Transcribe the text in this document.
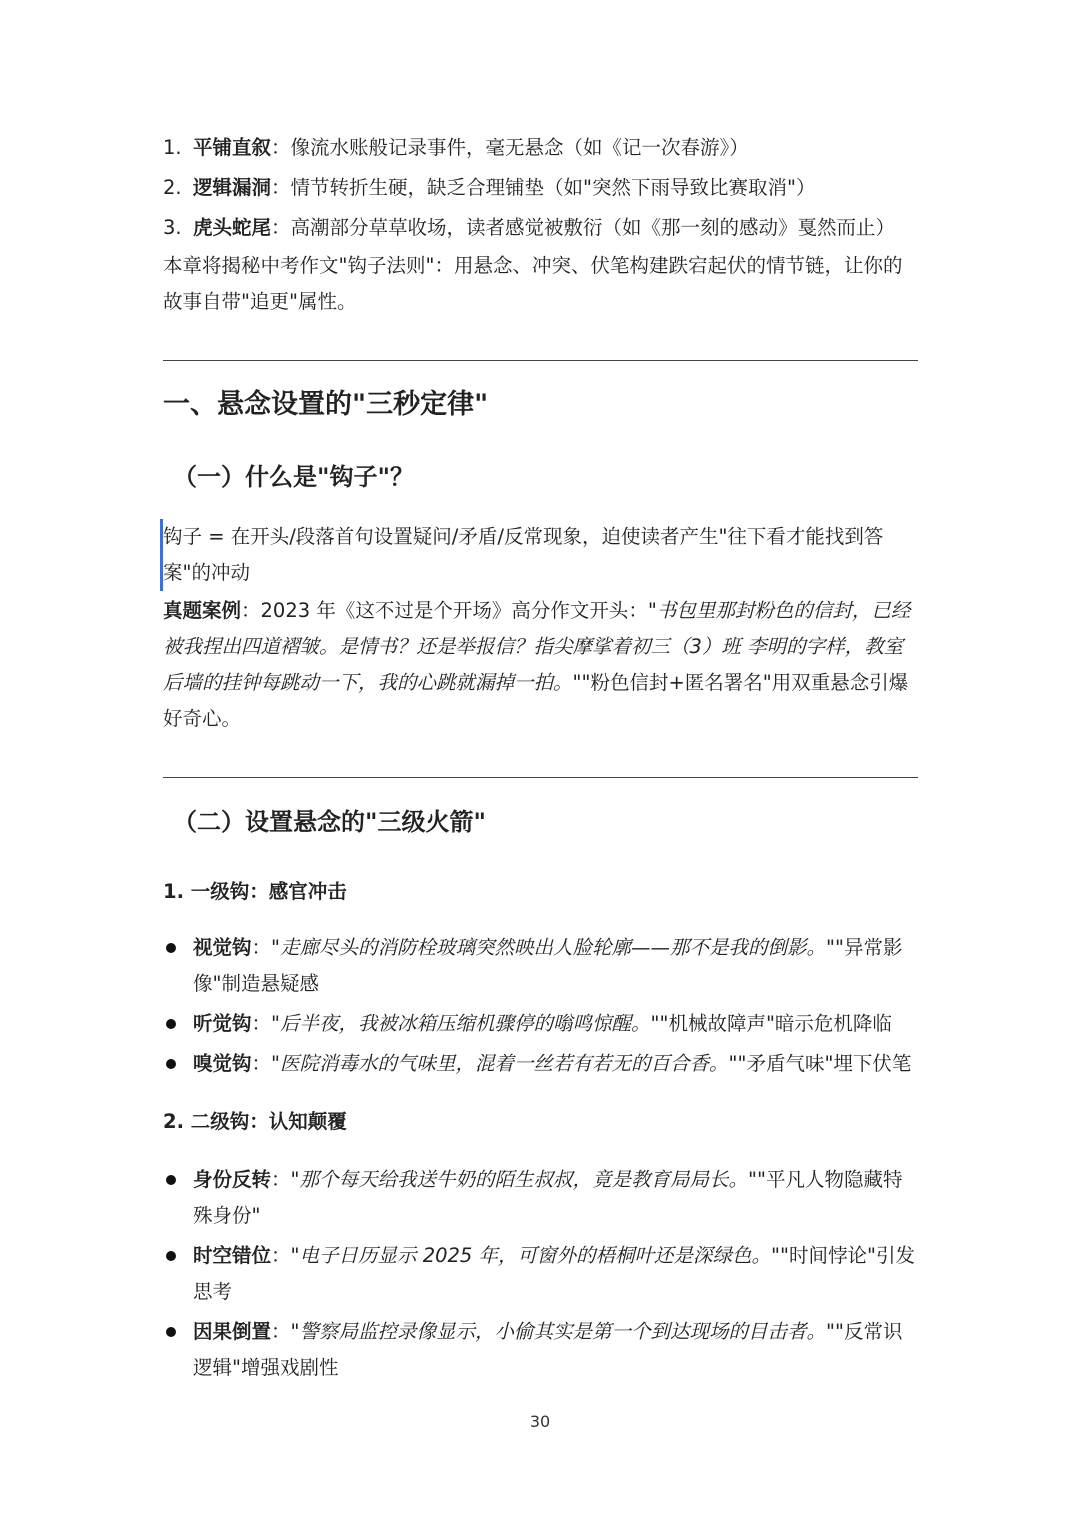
1. 平铺直叙：像流水账般记录事件，毫无悬念（如《记一次春游》）
2. 逻辑漏洞：情节转折生硬，缺乏合理铺垫（如"突然下雨导致比赛取消"）
3. 虎头蛇尾：高潮部分草草收场，读者感觉被敷衍（如《那一刻的感动》戛然而止）

本章将揭秘中考作文"钩子法则"：用悬念、冲突、伏笔构建跌宕起伏的情节链，让你的故事自带"追更"属性。

一、悬念设置的"三秒定律"
（一）什么是"钩子"？
钩子 = 在开头/段落首句设置疑问/矛盾/反常现象，迫使读者产生"往下看才能找到答案"的冲动

真题案例：2023 年《这不过是个开场》高分作文开头："书包里那封粉色的信封，已经被我捏出四道褶皱。是情书？还是举报信？指尖摩挲着初三（3）班 李明的字样，教室后墙的挂钟每跳动一下，我的心跳就漏掉一拍。""粉色信封+匿名署名"用双重悬念引爆好奇心。

（二）设置悬念的"三级火箭"
1. 一级钩：感官冲击
视觉钩："走廊尽头的消防栓玻璃突然映出人脸轮廓——那不是我的倒影。""异常影像"制造悬疑感
听觉钩："后半夜，我被冰箱压缩机骤停的嗡鸣惊醒。""机械故障声"暗示危机降临
嗅觉钩："医院消毒水的气味里，混着一丝若有若无的百合香。""矛盾气味"埋下伏笔
2. 二级钩：认知颠覆
身份反转："那个每天给我送牛奶的陌生叔叔，竟是教育局局长。""平凡人物隐藏特殊身份"
时空错位："电子日历显示 2025 年，可窗外的梧桐叶还是深绿色。""时间悖论"引发思考
因果倒置："警察局监控录像显示，小偷其实是第一个到达现场的目击者。""反常识逻辑"增强戏剧性
30
